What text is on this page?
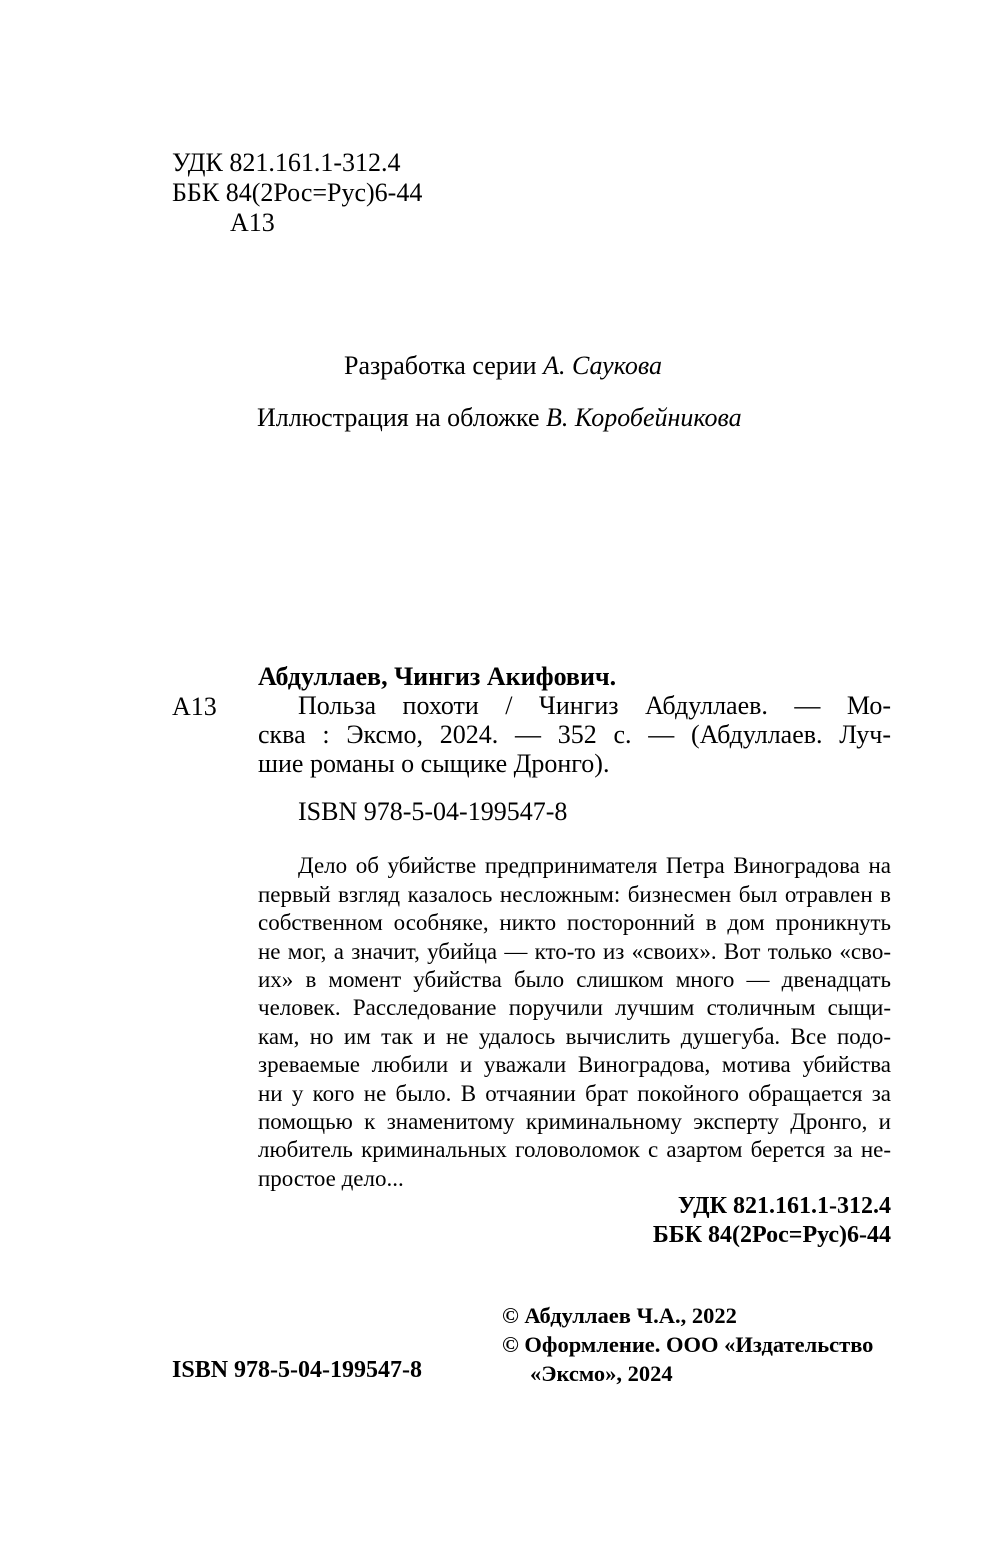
УДК 821.161.1-312.4
ББК 84(2Рос=Рус)6-44
А13
Разработка серии А. Саукова
Иллюстрация на обложке В. Коробейникова
Абдуллаев, Чингиз Акифович.
А13	Польза похоти / Чингиз Абдуллаев. — Мо-
сква : Эксмо, 2024. — 352 с. — (Абдуллаев. Луч-
шие романы о сыщике Дронго).
ISBN 978-5-04-199547-8
Дело об убийстве предпринимателя Петра Виноградова на
первый взгляд казалось несложным: бизнесмен был отравлен в
собственном особняке, никто посторонний в дом проникнуть
не мог, а значит, убийца — кто-то из «своих». Вот только «сво-
их» в момент убийства было слишком много — двенадцать
человек. Расследование поручили лучшим столичным сыщи-
кам, но им так и не удалось вычислить душегуба. Все подо-
зреваемые любили и уважали Виноградова, мотива убийства
ни у кого не было. В отчаянии брат покойного обращается за
помощью к знаменитому криминальному эксперту Дронго, и
любитель криминальных головоломок с азартом берется за не-
простое дело...
УДК 821.161.1-312.4
ББК 84(2Рос=Рус)6-44
© Абдуллаев Ч.А., 2022
© Оформление. ООО «Издательство
«Эксмо», 2024
ISBN 978-5-04-199547-8
